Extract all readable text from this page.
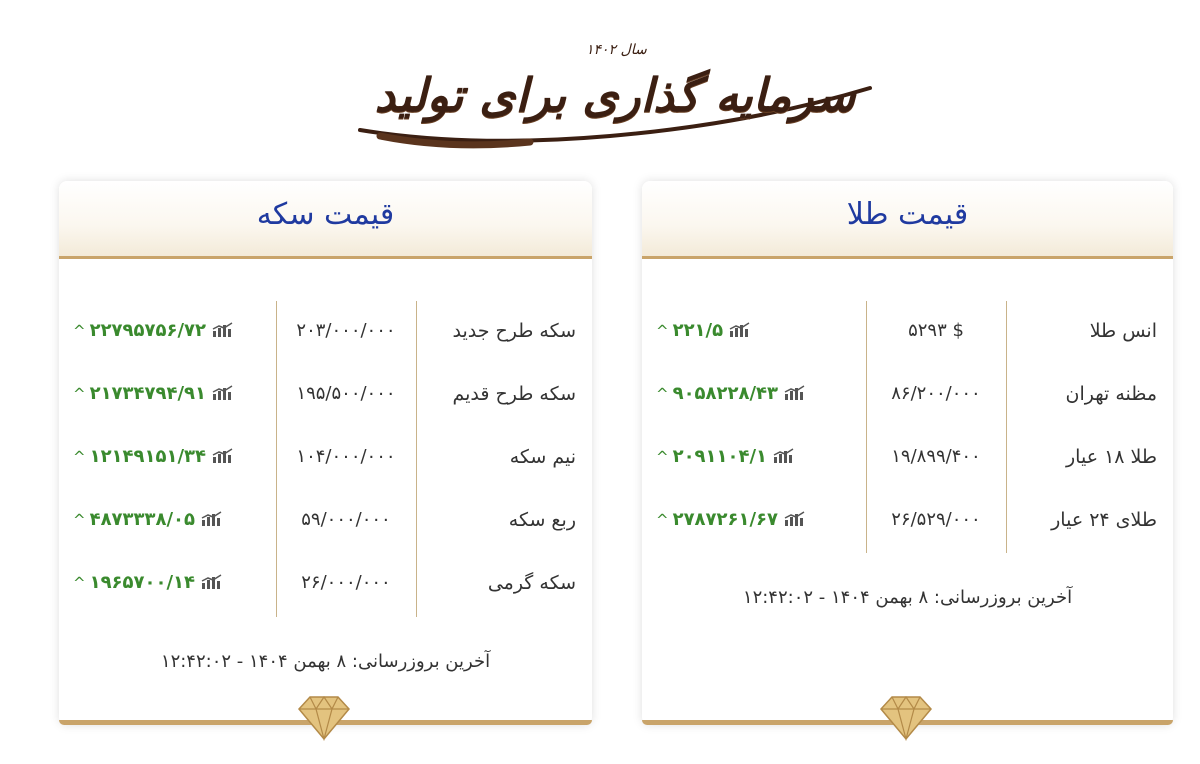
سال ۱۴۰۲
سرمایه گذاری برای تولید
قیمت طلا
انس طلا
$ ۵۲۹۳
۲۲۱/۵^
مظنه تهران
۸۶/۲۰۰/۰۰۰
۹۰۵۸۲۲۸/۴۳^
طلا ۱۸ عیار
۱۹/۸۹۹/۴۰۰
۲۰۹۱۱۰۴/۱^
طلای ۲۴ عیار
۲۶/۵۲۹/۰۰۰
۲۷۸۷۲۶۱/۶۷^
آخرین بروزرسانی: ۸ بهمن ۱۴۰۴ - ۱۲:۴۲:۰۲
قیمت سکه
سکه طرح جدید
۲۰۳/۰۰۰/۰۰۰
۲۲۷۹۵۷۵۶/۷۲^
سکه طرح قدیم
۱۹۵/۵۰۰/۰۰۰
۲۱۷۳۴۷۹۴/۹۱^
نیم سکه
۱۰۴/۰۰۰/۰۰۰
۱۲۱۴۹۱۵۱/۳۴^
ربع سکه
۵۹/۰۰۰/۰۰۰
۴۸۷۳۳۳۸/۰۵^
سکه گرمی
۲۶/۰۰۰/۰۰۰
۱۹۶۵۷۰۰/۱۴^
آخرین بروزرسانی: ۸ بهمن ۱۴۰۴ - ۱۲:۴۲:۰۲
